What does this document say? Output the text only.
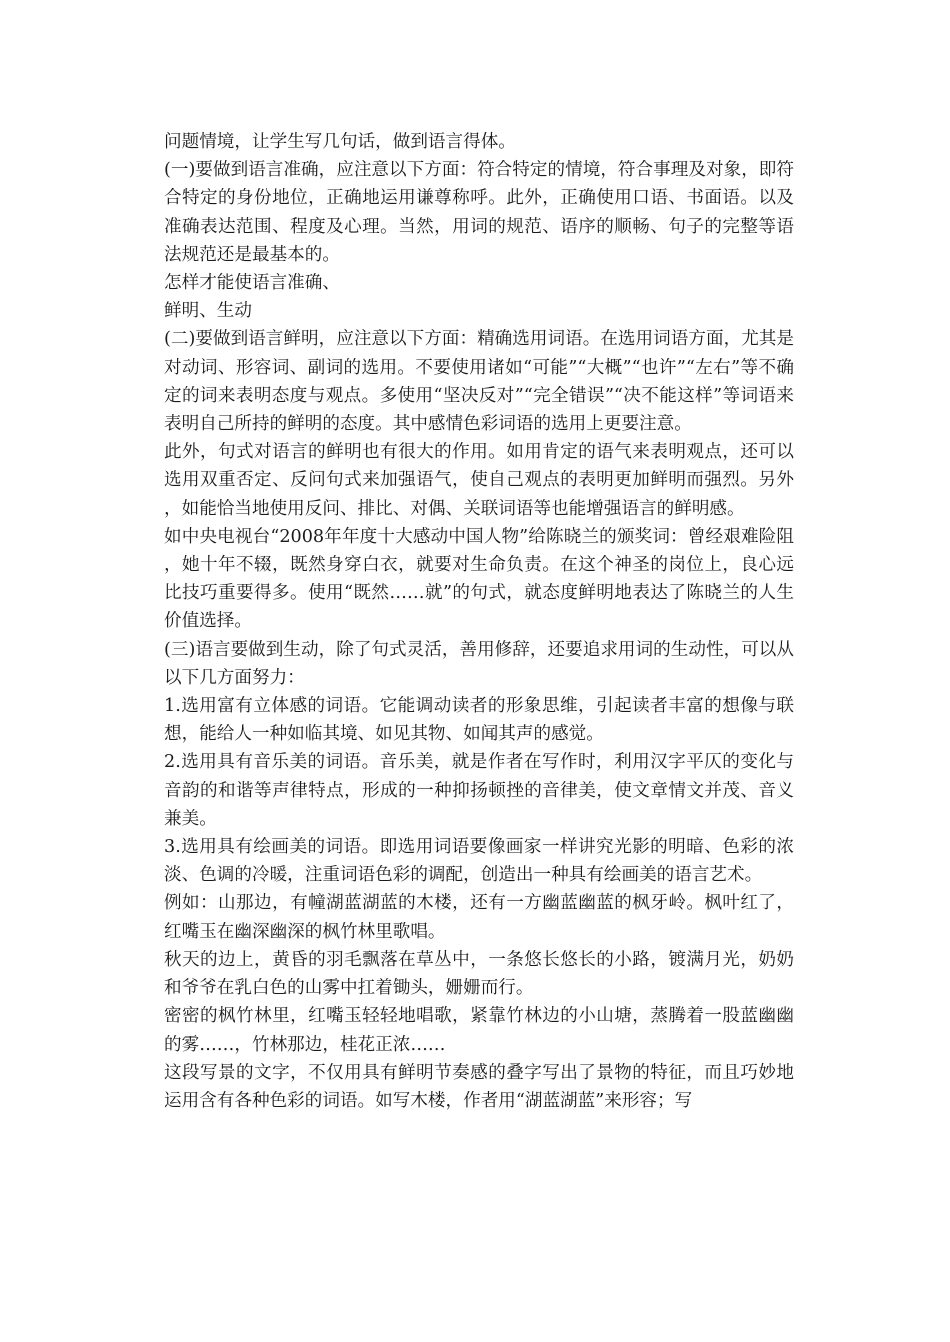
问题情境，让学生写几句话，做到语言得体。

(一)要做到语言准确，应注意以下方面：符合特定的情境，符合事理及对象，即符合特定的身份地位，正确地运用谦尊称呼。此外，正确使用口语、书面语。以及准确表达范围、程度及心理。当然，用词的规范、语序的顺畅、句子的完整等语法规范还是最基本的。

怎样才能使语言准确、

鲜明、生动

(二)要做到语言鲜明，应注意以下方面：精确选用词语。在选用词语方面，尤其是对动词、形容词、副词的选用。不要使用诸如“可能”“大概”“也许”“左右”等不确定的词来表明态度与观点。多使用“坚决反对”“完全错误”“决不能这样”等词语来表明自己所持的鲜明的态度。其中感情色彩词语的选用上更要注意。

此外，句式对语言的鲜明也有很大的作用。如用肯定的语气来表明观点，还可以选用双重否定、反问句式来加强语气，使自己观点的表明更加鲜明而强烈。另外，如能恰当地使用反问、排比、对偶、关联词语等也能增强语言的鲜明感。

如中央电视台“2008年年度十大感动中国人物”给陈晓兰的颁奖词：曾经艰难险阻，她十年不辍，既然身穿白衣，就要对生命负责。在这个神圣的岗位上，良心远比技巧重要得多。使用“既然……就”的句式，就态度鲜明地表达了陈晓兰的人生价值选择。

(三)语言要做到生动，除了句式灵活，善用修辞，还要追求用词的生动性，可以从以下几方面努力：

1.选用富有立体感的词语。它能调动读者的形象思维，引起读者丰富的想像与联想，能给人一种如临其境、如见其物、如闻其声的感觉。

2.选用具有音乐美的词语。音乐美，就是作者在写作时，利用汉字平仄的变化与音韵的和谐等声律特点，形成的一种抑扬顿挫的音律美，使文章情文并茂、音义兼美。

3.选用具有绘画美的词语。即选用词语要像画家一样讲究光影的明暗、色彩的浓淡、色调的冷暖，注重词语色彩的调配，创造出一种具有绘画美的语言艺术。

例如：山那边，有幢湖蓝湖蓝的木楼，还有一方幽蓝幽蓝的枫牙岭。枫叶红了，红嘴玉在幽深幽深的枫竹林里歌唱。

秋天的边上，黄昏的羽毛飘落在草丛中，一条悠长悠长的小路，镀满月光，奶奶和爷爷在乳白色的山雾中扛着锄头，姗姗而行。

密密的枫竹林里，红嘴玉轻轻地唱歌，紧靠竹林边的小山塘，蒸腾着一股蓝幽幽的雾……，竹林那边，桂花正浓……

这段写景的文字，不仅用具有鲜明节奏感的叠字写出了景物的特征，而且巧妙地运用含有各种色彩的词语。如写木楼，作者用“湖蓝湖蓝”来形容；写
